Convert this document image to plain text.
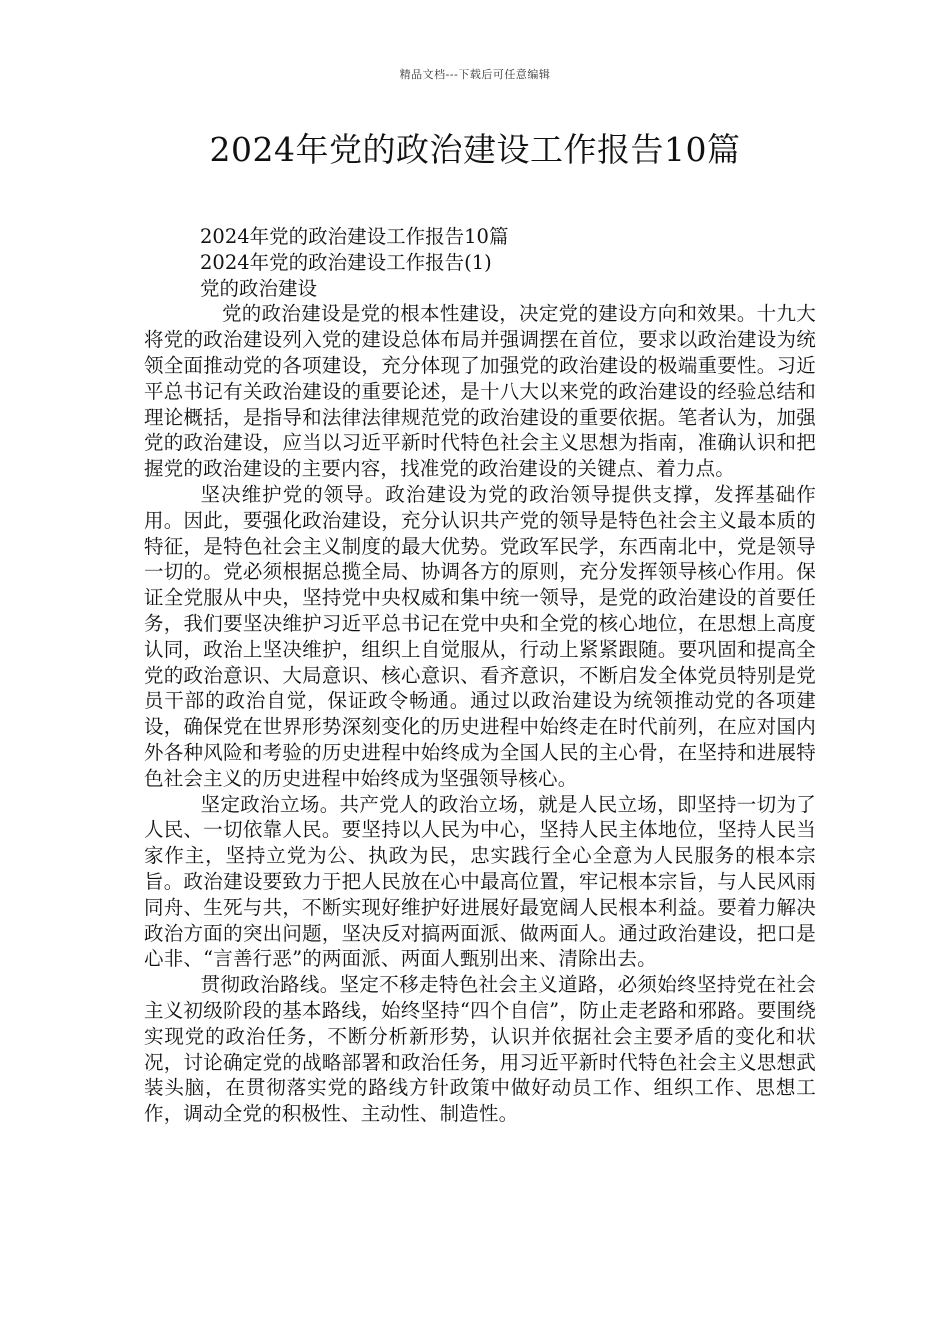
精品文档---下载后可任意编辑
2024年党的政治建设工作报告10篇

2024年党的政治建设工作报告10篇

2024年党的政治建设工作报告(1)

党的政治建设

党的政治建设是党的根本性建设，决定党的建设方向和效果。十九大将党的政治建设列入党的建设总体布局并强调摆在首位，要求以政治建设为统领全面推动党的各项建设，充分体现了加强党的政治建设的极端重要性。习近平总书记有关政治建设的重要论述，是十八大以来党的政治建设的经验总结和理论概括，是指导和法律法律规范党的政治建设的重要依据。笔者认为，加强党的政治建设，应当以习近平新时代特色社会主义思想为指南，准确认识和把握党的政治建设的主要内容，找准党的政治建设的关键点、着力点。

坚决维护党的领导。政治建设为党的政治领导提供支撑，发挥基础作用。因此，要强化政治建设，充分认识共产党的领导是特色社会主义最本质的特征，是特色社会主义制度的最大优势。党政军民学，东西南北中，党是领导一切的。党必须根据总揽全局、协调各方的原则，充分发挥领导核心作用。保证全党服从中央，坚持党中央权威和集中统一领导，是党的政治建设的首要任务，我们要坚决维护习近平总书记在党中央和全党的核心地位，在思想上高度认同，政治上坚决维护，组织上自觉服从，行动上紧紧跟随。要巩固和提高全党的政治意识、大局意识、核心意识、看齐意识，不断启发全体党员特别是党员干部的政治自觉，保证政令畅通。通过以政治建设为统领推动党的各项建设，确保党在世界形势深刻变化的历史进程中始终走在时代前列，在应对国内外各种风险和考验的历史进程中始终成为全国人民的主心骨，在坚持和进展特色社会主义的历史进程中始终成为坚强领导核心。

坚定政治立场。共产党人的政治立场，就是人民立场，即坚持一切为了人民、一切依靠人民。要坚持以人民为中心，坚持人民主体地位，坚持人民当家作主，坚持立党为公、执政为民，忠实践行全心全意为人民服务的根本宗旨。政治建设要致力于把人民放在心中最高位置，牢记根本宗旨，与人民风雨同舟、生死与共，不断实现好维护好进展好最宽阔人民根本利益。要着力解决政治方面的突出问题，坚决反对搞两面派、做两面人。通过政治建设，把口是心非、“言善行恶”的两面派、两面人甄别出来、清除出去。

贯彻政治路线。坚定不移走特色社会主义道路，必须始终坚持党在社会主义初级阶段的基本路线，始终坚持“四个自信”，防止走老路和邪路。要围绕实现党的政治任务，不断分析新形势，认识并依据社会主要矛盾的变化和状况，讨论确定党的战略部署和政治任务，用习近平新时代特色社会主义思想武装头脑，在贯彻落实党的路线方针政策中做好动员工作、组织工作、思想工作，调动全党的积极性、主动性、制造性。
